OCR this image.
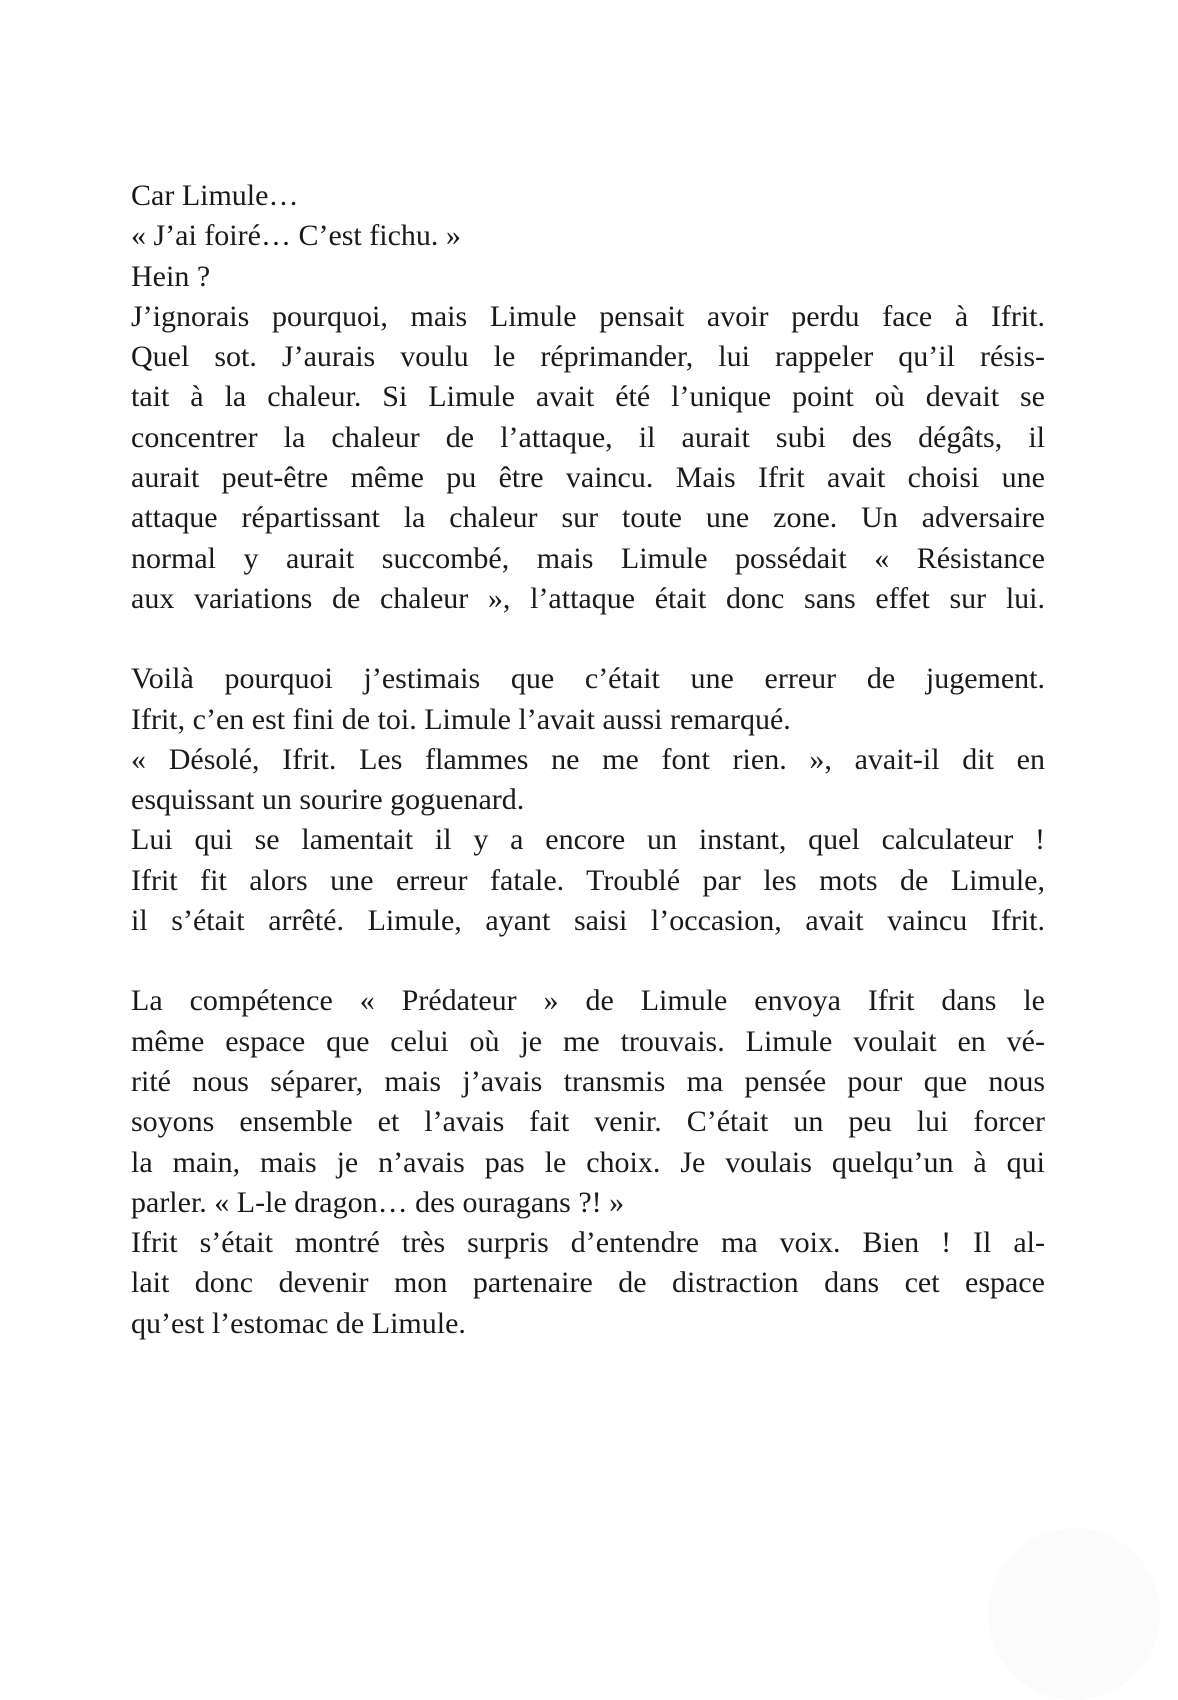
Car Limule…
« J’ai foiré… C’est fichu. »
Hein ?
J’ignorais pourquoi, mais Limule pensait avoir perdu face à Ifrit.
Quel sot. J’aurais voulu le réprimander, lui rappeler qu’il résis-
tait à la chaleur. Si Limule avait été l’unique point où devait se
concentrer la chaleur de l’attaque, il aurait subi des dégâts, il
aurait peut-être même pu être vaincu. Mais Ifrit avait choisi une
attaque répartissant la chaleur sur toute une zone. Un adversaire
normal y aurait succombé, mais Limule possédait « Résistance
aux variations de chaleur », l’attaque était donc sans effet sur lui.

Voilà pourquoi j’estimais que c’était une erreur de jugement.
Ifrit, c’en est fini de toi. Limule l’avait aussi remarqué.
« Désolé, Ifrit. Les flammes ne me font rien. », avait-il dit en
esquissant un sourire goguenard.
Lui qui se lamentait il y a encore un instant, quel calculateur !
Ifrit fit alors une erreur fatale. Troublé par les mots de Limule,
il s’était arrêté. Limule, ayant saisi l’occasion, avait vaincu Ifrit.

La compétence « Prédateur » de Limule envoya Ifrit dans le
même espace que celui où je me trouvais. Limule voulait en vé-
rité nous séparer, mais j’avais transmis ma pensée pour que nous
soyons ensemble et l’avais fait venir. C’était un peu lui forcer
la main, mais je n’avais pas le choix. Je voulais quelqu’un à qui
parler. « L-le dragon… des ouragans ?! »
Ifrit s’était montré très surpris d’entendre ma voix. Bien ! Il al-
lait donc devenir mon partenaire de distraction dans cet espace
qu’est l’estomac de Limule.
